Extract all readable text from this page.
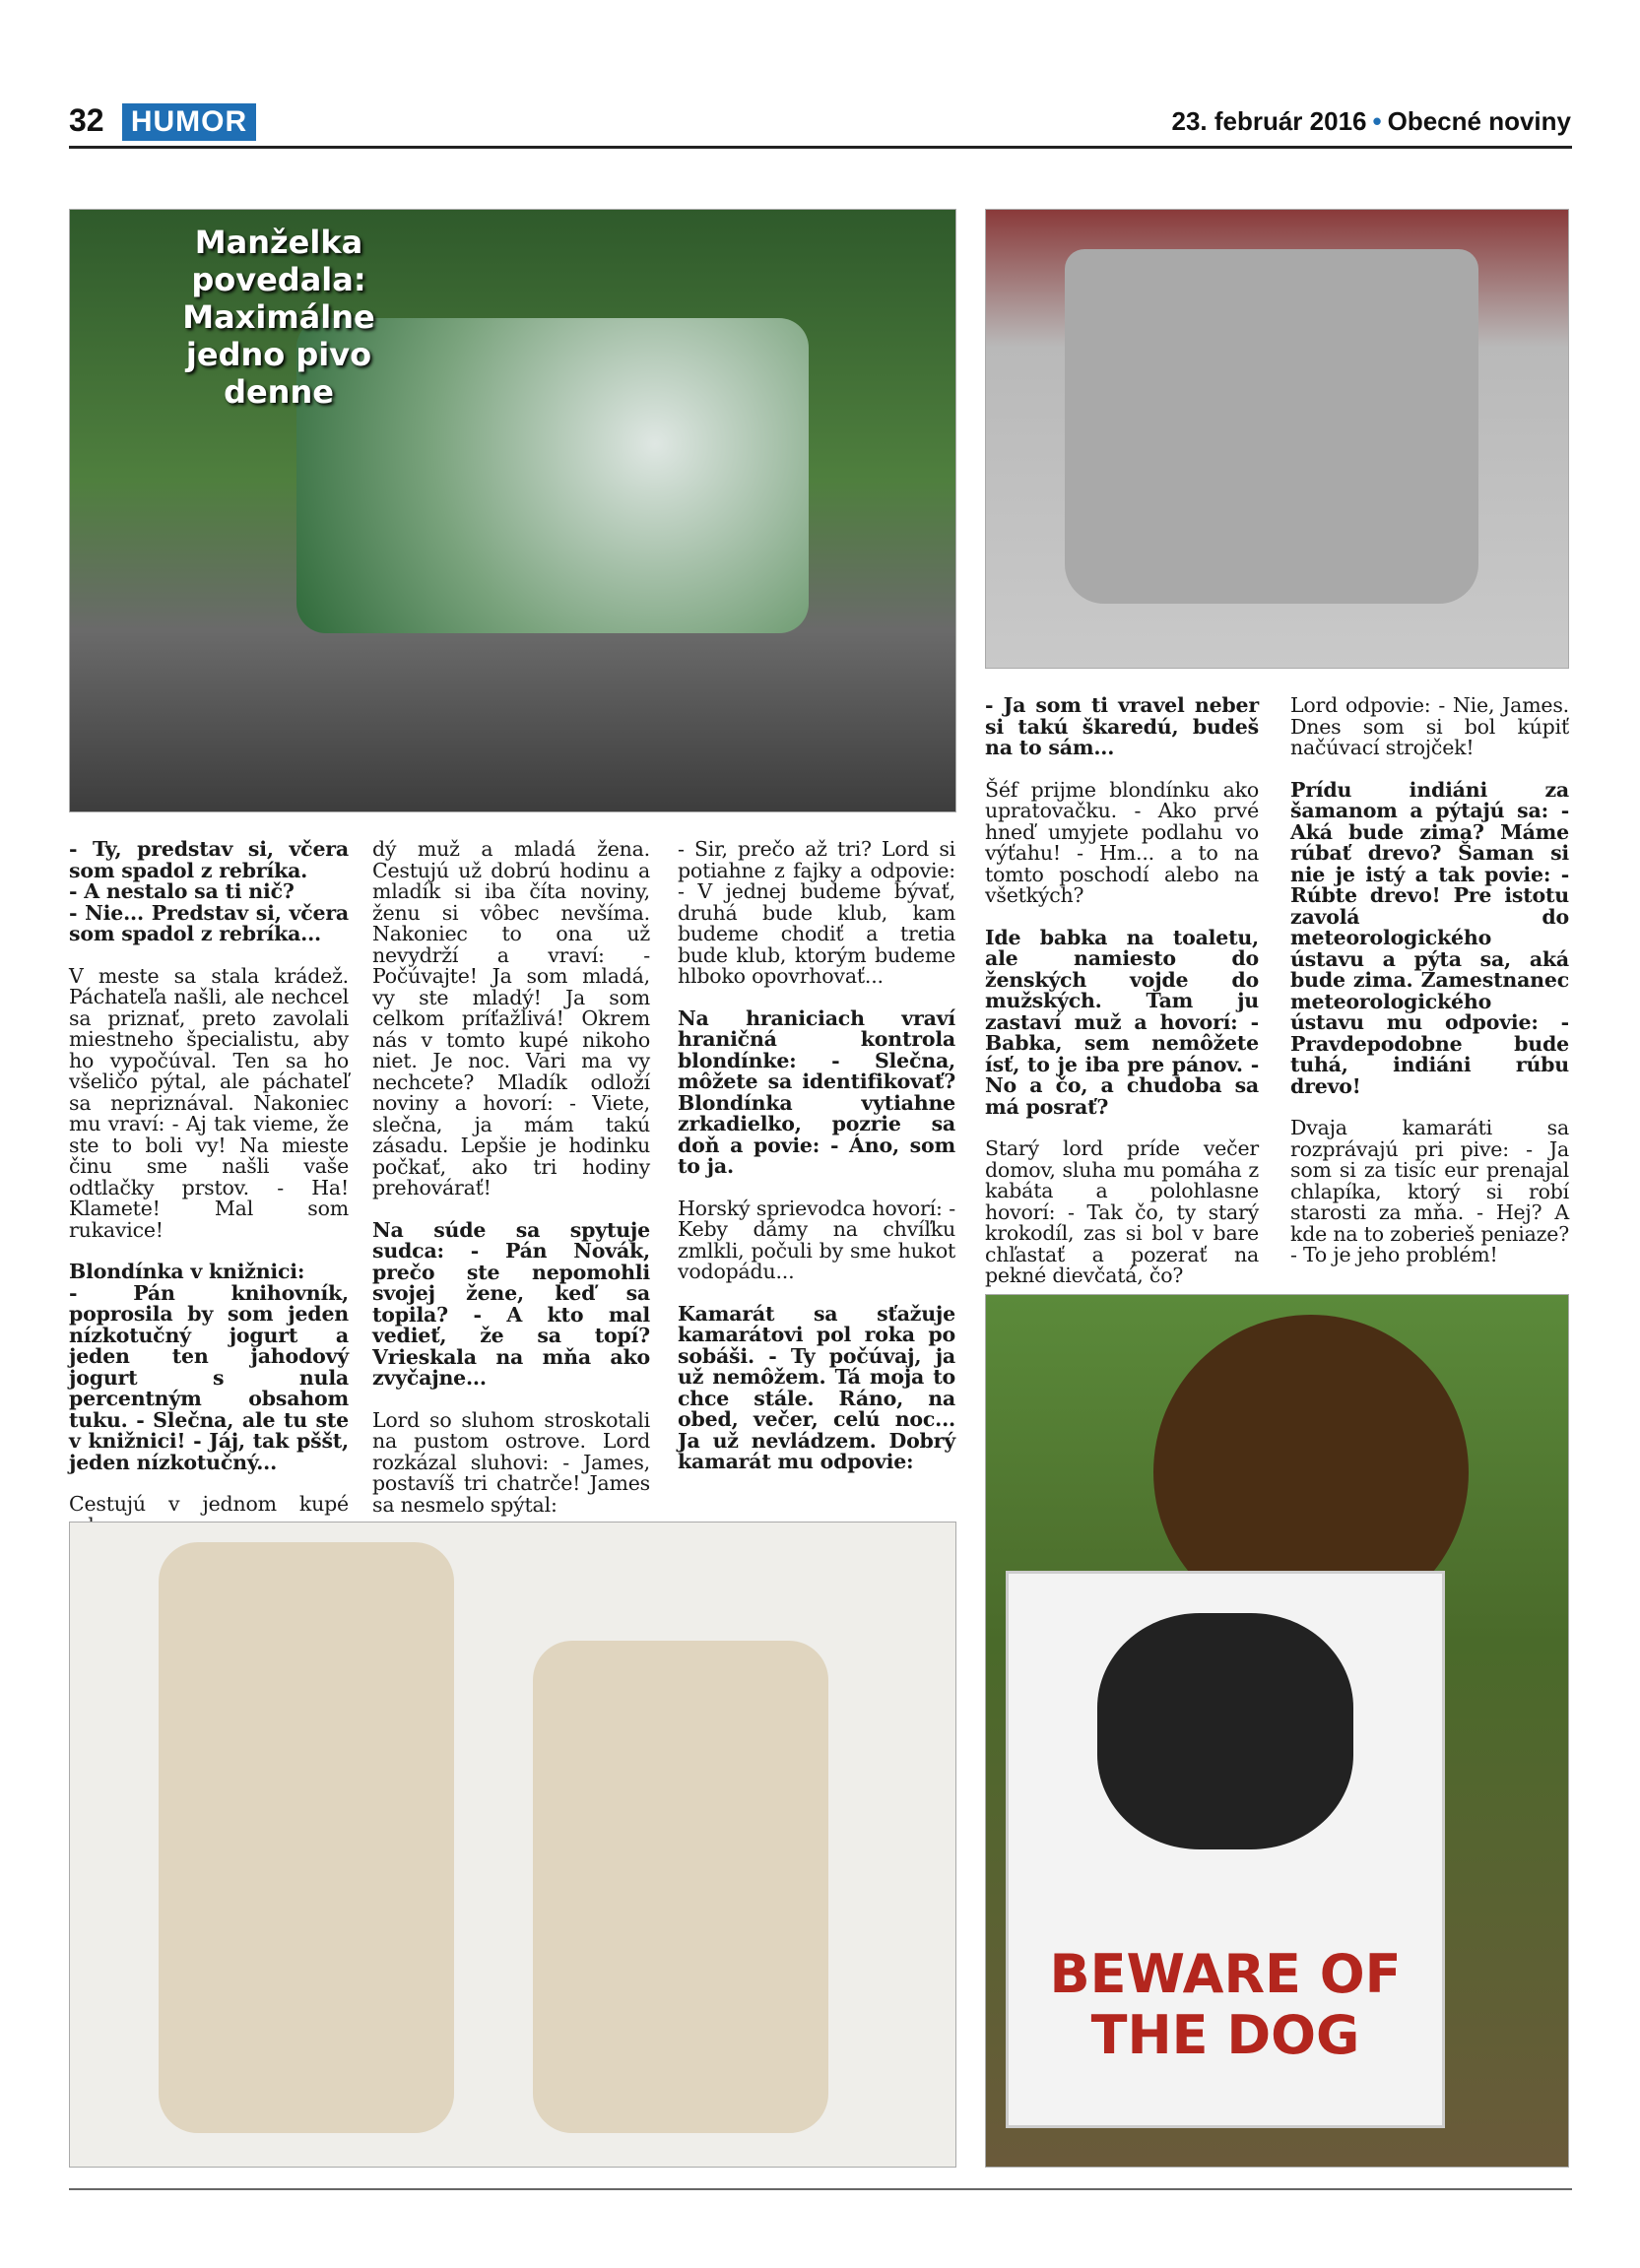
32 HUMOR	23. február 2016 • Obecné noviny
Manželka povedala: Maximálne jedno pivo denne

- Ty, predstav si, včera som spadol z rebríka.
- A nestalo sa ti nič?
- Nie... Predstav si, včera som spadol z rebríka...

V meste sa stala krádež. Páchateľa našli, ale nechcel sa priznať, preto zavolali miestneho špecialistu, aby ho vypočúval. Ten sa ho všeličo pýtal, ale páchateľ sa nepriznával. Nakoniec mu vraví: - Aj tak vieme, že ste to boli vy! Na mieste činu sme našli vaše odtlačky prstov. - Ha! Klamete! Mal som rukavice!

Blondínka v knižnici:
- Pán knihovník, poprosila by som jeden nízkotučný jogurt a jeden ten jahodový jogurt s nula percentným obsahom tuku. - Slečna, ale tu ste v knižnici! - Jáj, tak pššt, jeden nízkotučný...

Cestujú v jednom kupé

dý muž a mladá žena. Cestujú už dobrú hodinu a mladík si iba číta noviny, ženu si vôbec nevšíma. Nakoniec to ona už nevydrží a vraví: - Počúvajte! Ja som mladá, vy ste mladý! Ja som celkom príťažlivá! Okrem nás v tomto kupé nikoho niet. Je noc. Vari ma vy nechcete? Mladík odloží noviny a hovorí: - Viete, slečna, ja mám takú zásadu. Lepšie je hodinku počkať, ako tri hodiny prehovárať!

Na súde sa spytuje sudca: - Pán Novák, prečo ste nepomohli svojej žene, keď sa topila? - A kto mal vedieť, že sa topí? Vrieskala na mňa ako zvyčajne...

Lord so sluhom stroskotali na pustom ostrove. Lord rozkázal sluhovi: - James, postavíš tri chatrče! James sa nesmelo spýtal:

- Sir, prečo až tri? Lord si potiahne z fajky a odpovie: - V jednej budeme bývať, druhá bude klub, kam budeme chodiť a tretia bude klub, ktorým budeme hlboko opovrhovať...

Na hraniciach vraví hraničná kontrola blondínke: - Slečna, môžete sa identifikovať? Blondínka vytiahne zrkadielko, pozrie sa doň a povie: - Áno, som to ja.

Horský sprievodca hovorí: - Keby dámy na chvíľku zmlkli, počuli by sme hukot vodopádu...

Kamarát sa sťažuje kamarátovi pol roka po sobáši. - Ty počúvaj, ja už nemôžem. Tá moja to chce stále. Ráno, na obed, večer, celú noc... Ja už nevládzem. Dobrý kamarát mu odpovie:

- Ja som ti vravel neber si takú škaredú, budeš na to sám...

Šéf prijme blondínku ako upratovačku. - Ako prvé hneď umyjete podlahu vo výťahu! - Hm... a to na tomto poschodí alebo na všetkých?

Ide babka na toaletu, ale namiesto do ženských vojde do mužských. Tam ju zastaví muž a hovorí: - Babka, sem nemôžete ísť, to je iba pre pánov. - No a čo, a chudoba sa má posrať?

Starý lord príde večer domov, sluha mu pomáha z kabáta a polohlasne hovorí: - Tak čo, ty starý krokodíl, zas si bol v bare chľastať a pozerať na pekné dievčatá, čo?

Lord odpovie: - Nie, James. Dnes som si bol kúpiť načúvací strojček!

Prídu indiáni za šamanom a pýtajú sa: - Aká bude zima? Máme rúbať drevo? Šaman si nie je istý a tak povie: - Rúbte drevo! Pre istotu zavolá do meteorologického ústavu a pýta sa, aká bude zima. Zamestnanec meteorologického ústavu mu odpovie: - Pravdepodobne bude tuhá, indiáni rúbu drevo!

Dvaja kamaráti sa rozprávajú pri pive: - Ja som si za tisíc eur prenajal chlapíka, ktorý si robí starosti za mňa. - Hej? A kde na to zoberieš peniaze? - To je jeho problém!

BEWARE OF THE DOG
